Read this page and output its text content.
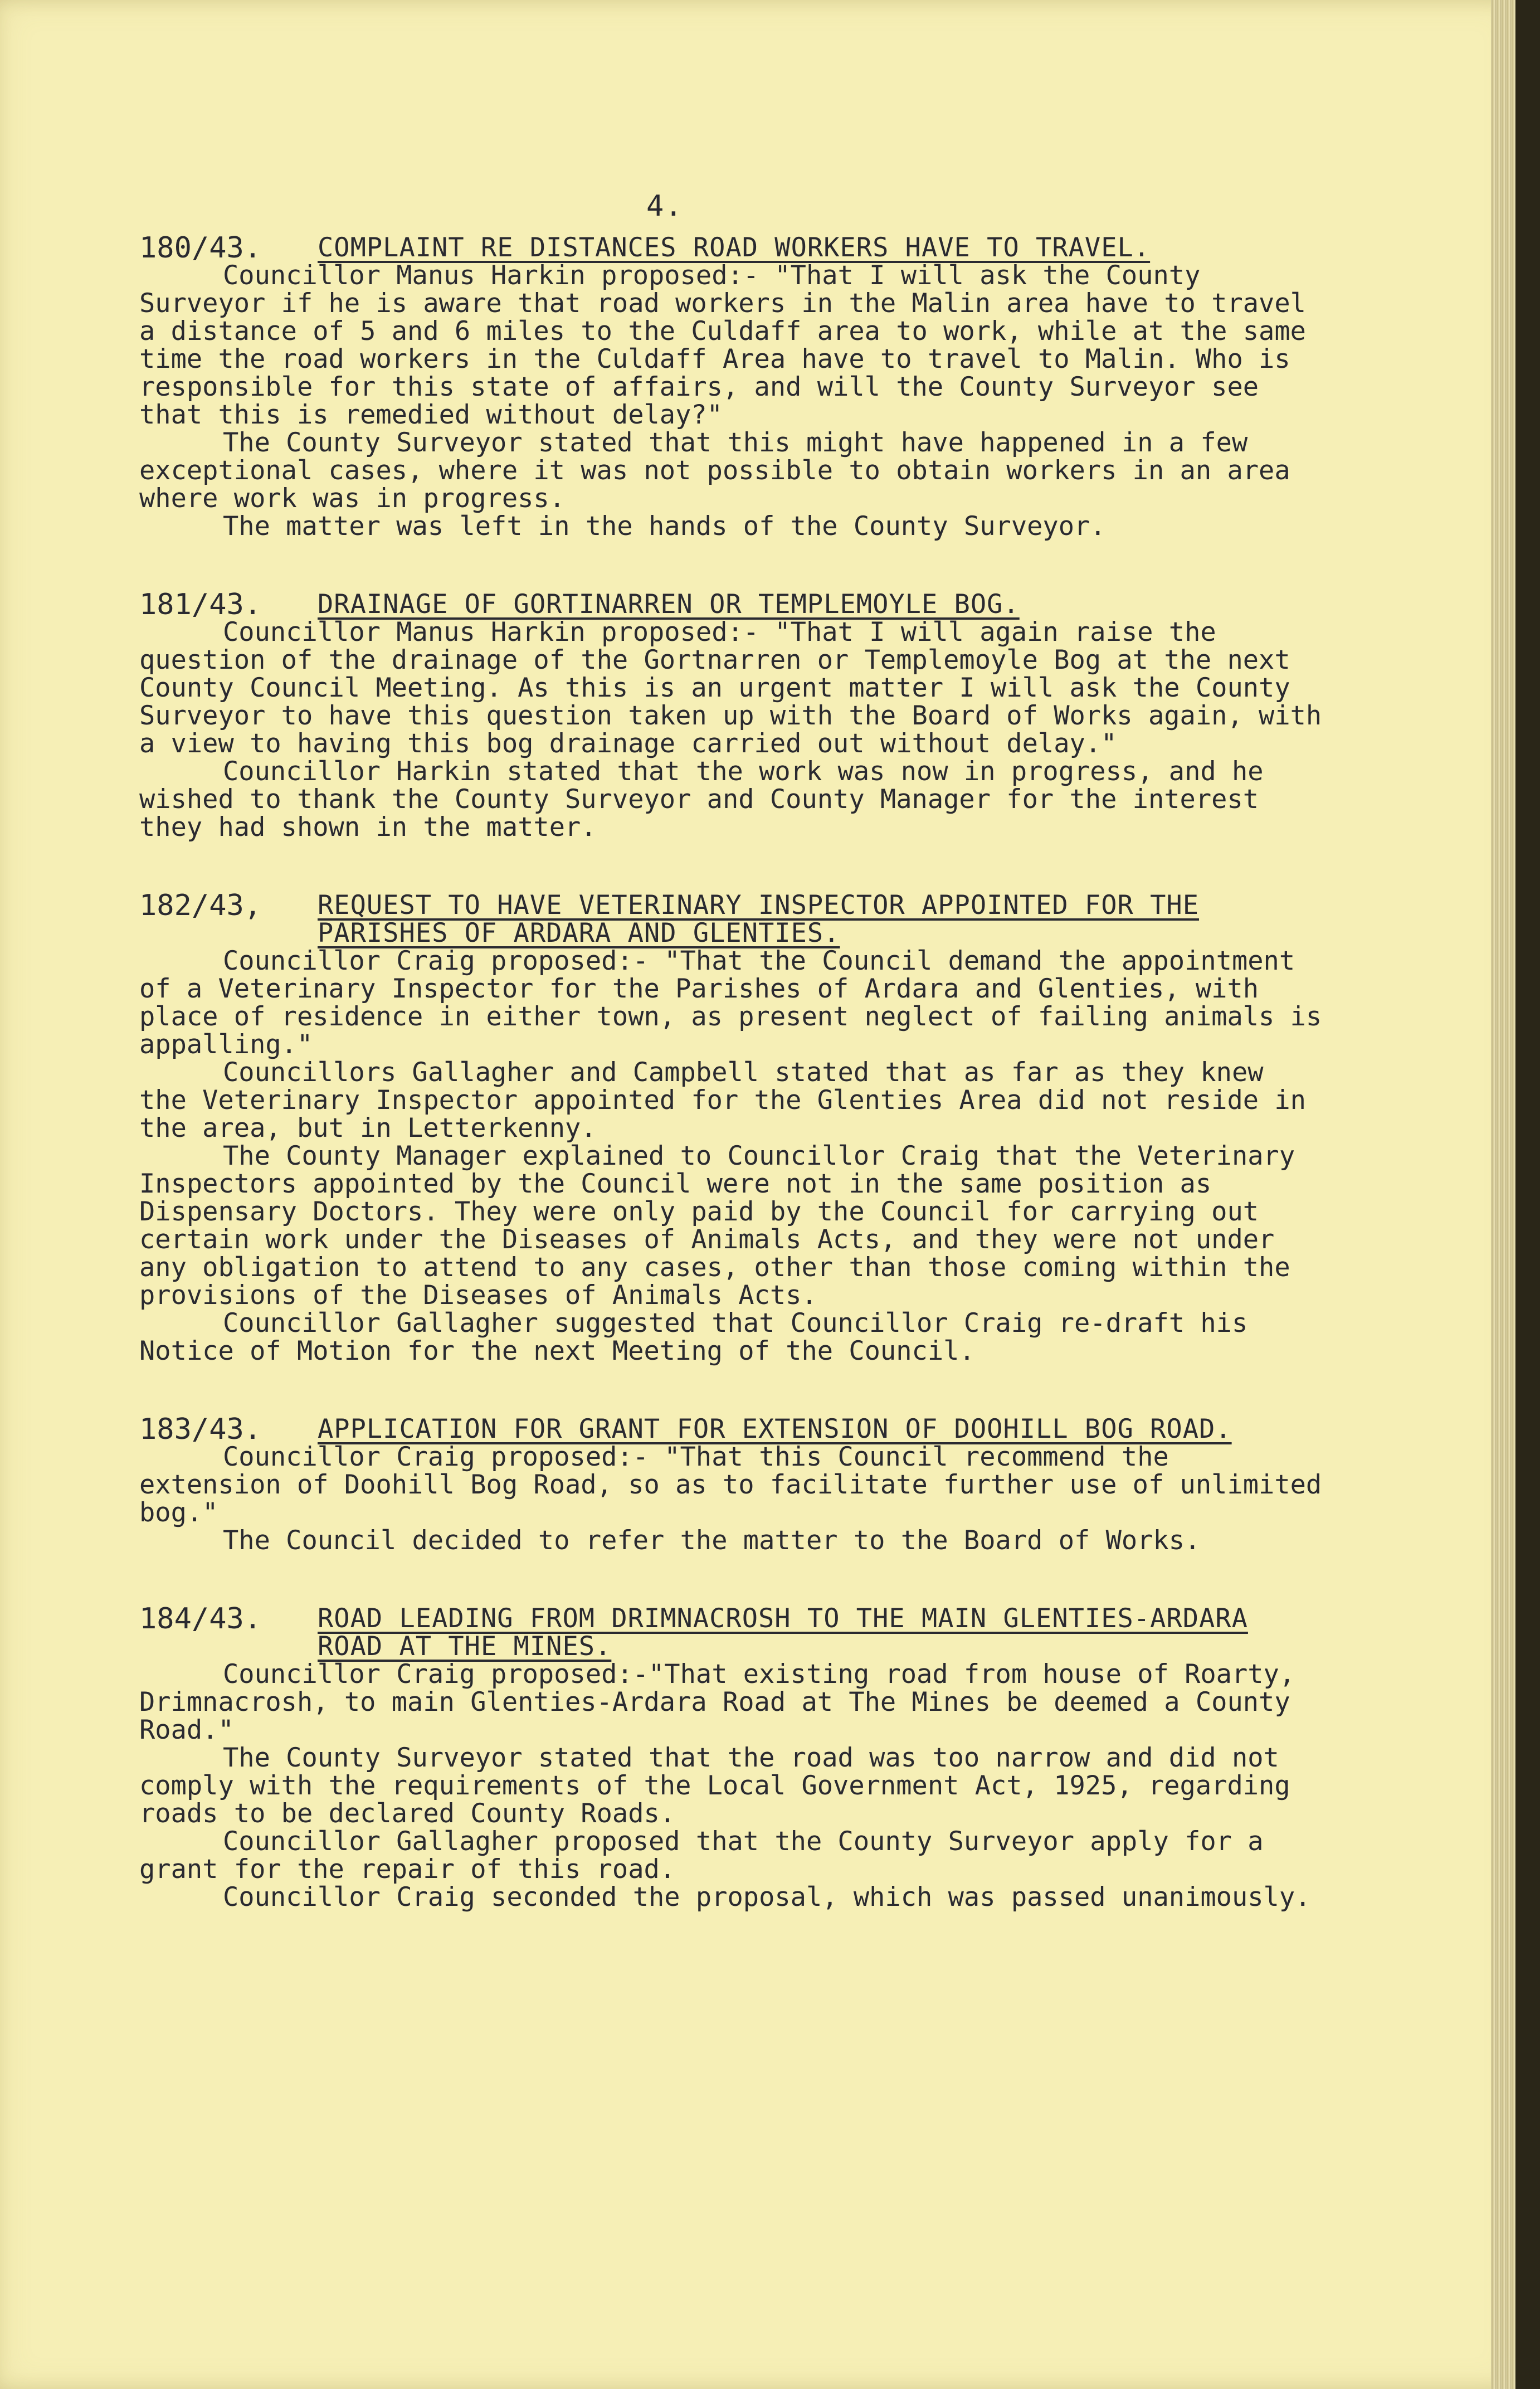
4.
180/43.	COMPLAINT RE DISTANCES ROAD WORKERS HAVE TO TRAVEL.

Councillor Manus Harkin proposed:- "That I will ask the County Surveyor if he is aware that road workers in the Malin area have to travel a distance of 5 and 6 miles to the Culdaff area to work, while at the same time the road workers in the Culdaff Area have to travel to Malin. Who is responsible for this state of affairs, and will the County Surveyor see that this is remedied without delay?"

The County Surveyor stated that this might have happened in a few exceptional cases, where it was not possible to obtain workers in an area where work was in progress.

The matter was left in the hands of the County Surveyor.

181/43.	DRAINAGE OF GORTINARREN OR TEMPLEMOYLE BOG.

Councillor Manus Harkin proposed:- "That I will again raise the question of the drainage of the Gortnarren or Templemoyle Bog at the next County Council Meeting. As this is an urgent matter I will ask the County Surveyor to have this question taken up with the Board of Works again, with a view to having this bog drainage carried out without delay."

Councillor Harkin stated that the work was now in progress, and he wished to thank the County Surveyor and County Manager for the interest they had shown in the matter.

182/43,	REQUEST TO HAVE VETERINARY INSPECTOR APPOINTED FOR THE PARISHES OF ARDARA AND GLENTIES.

Councillor Craig proposed:- "That the Council demand the appointment of a Veterinary Inspector for the Parishes of Ardara and Glenties, with place of residence in either town, as present neglect of failing animals is appalling."

Councillors Gallagher and Campbell stated that as far as they knew the Veterinary Inspector appointed for the Glenties Area did not reside in the area, but in Letterkenny.

The County Manager explained to Councillor Craig that the Veterinary Inspectors appointed by the Council were not in the same position as Dispensary Doctors. They were only paid by the Council for carrying out certain work under the Diseases of Animals Acts, and they were not under any obligation to attend to any cases, other than those coming within the provisions of the Diseases of Animals Acts.

Councillor Gallagher suggested that Councillor Craig re-draft his Notice of Motion for the next Meeting of the Council.

183/43.	APPLICATION FOR GRANT FOR EXTENSION OF DOOHILL BOG ROAD.

Councillor Craig proposed:- "That this Council recommend the extension of Doohill Bog Road, so as to facilitate further use of unlimited bog."

The Council decided to refer the matter to the Board of Works.

184/43.	ROAD LEADING FROM DRIMNACROSH TO THE MAIN GLENTIES-ARDARA ROAD AT THE MINES.

Councillor Craig proposed:-"That existing road from house of Roarty, Drimnacrosh, to main Glenties-Ardara Road at The Mines be deemed a County Road."

The County Surveyor stated that the road was too narrow and did not comply with the requirements of the Local Government Act, 1925, regarding roads to be declared County Roads.

Councillor Gallagher proposed that the County Surveyor apply for a grant for the repair of this road.

Councillor Craig seconded the proposal, which was passed unanimously.
